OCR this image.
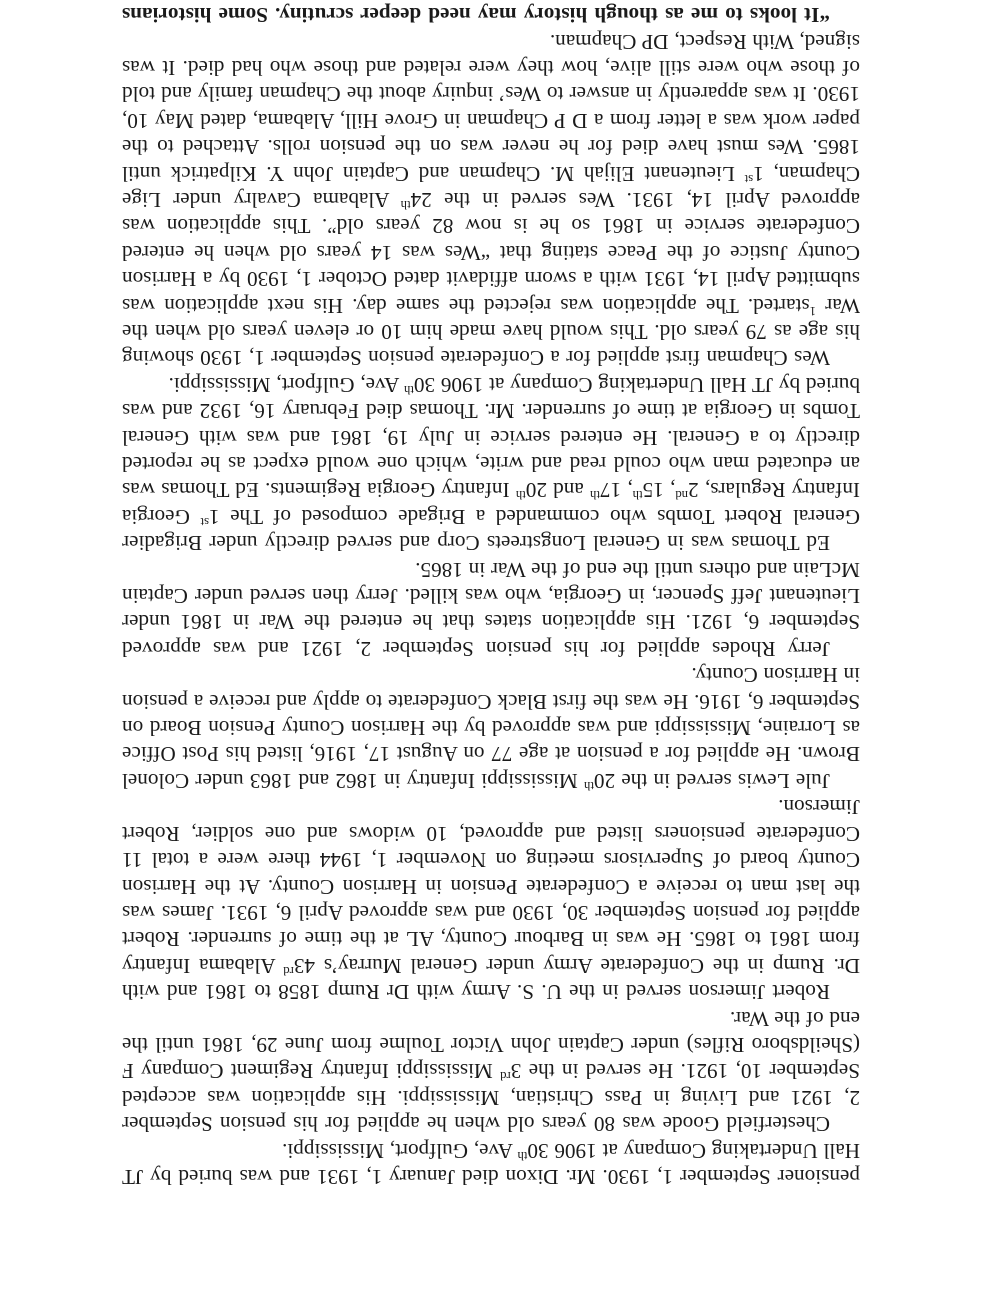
pensioner September 1, 1930. Mr. Dixon died January 1, 1931 and was buried by JT Hall Undertaking Company at 1906 30th Ave, Gulfport, Mississippi.

Chesterfield Goode was 80 years old when he applied for his pension September 2, 1921 and Living in Pass Christian, Mississippi. His application was accepted September 10, 1921. He served in the 3rd Mississippi Infantry Regiment Company F (Sheildsboro Rifles) under Captain John Victor Toulme from June 29, 1861 until the end of the War.

Robert Jimerson served in the U. S. Army with Dr Rump 1858 to 1861 and with Dr. Rump in the Confederate Army under General Murray’s 43rd Alabama Infantry from 1861 to 1865. He was in Barbour County, AL at the time of surrender. Robert applied for pension September 30, 1930 and was approved April 6, 1931. James was the last man to receive a Confederate Pension in Harrison County. At the Harrison County board of Supervisors meeting on November 1, 1944 there were a total 11 Confederate pensioners listed and approved, 10 widows and one soldier, Robert Jimerson.

Jule Lewis served in the 20th Mississippi Infantry in 1862 and 1863 under Colonel Brown. He applied for a pension at age 77 on August 17, 1916, listed his Post Office as Lorraine, Mississippi and was approved by the Harrison County Pension Board on September 6, 1916. He was the first Black Confederate to apply and receive a pension in Harrison County.

Jerry Rhodes applied for his pension September 2, 1921 and was approved September 6, 1921. His application states that he entered the War in 1861 under Lieutenant Jeff Spencer, in Georgia, who was killed. Jerry then served under Captain McLain and others until the end of the War in 1865.

Ed Thomas was in General Longstreets Corp and served directly under Brigadier General Robert Tombs who commanded a Brigade composed of The 1st Georgia Infantry Regulars, 2nd, 15th, 17th and 20th Infantry Georgia Regiments. Ed Thomas was an educated man who could read and write, which one would expect as he reported directly to a General. He entered service in July 19, 1861 and was with General Tombs in Georgia at time of surrender. Mr. Thomas died February 16, 1932 and was buried by JT Hall Undertaking Company at 1906 30th Ave, Gulfport, Mississippi.

Wes Chapman first applied for a Confederate pension September 1, 1930 showing his age as 79 years old. This would have made him 10 or eleven years old when the War $^1$started. The application was rejected the same day. His next application was submitted April 14, 1931 with a sworn affidavit dated October 1, 1930 by a Harrison County Justice of the Peace stating that “Wes was 14 years old when he entered Confederate service in 1861 so he is now 82 years old”. This application was approved April 14, 1931. Wes served in the 24th Alabama Cavalry under Lige Chapman, 1st Lieutenant Elijah M. Chapman and Captain John Y. Kilpatrick until 1865. Wes must have died for he never was on the pension rolls. Attached to the paper work was a letter from a D P Chapman in Grove Hill, Alabama, dated May 10, 1930. It was apparently in answer to Wes’ inquiry about the Chapman family and told of those who were still alive, how they were related and those who had died. It was signed, With Respect, DP Chapman.

“It looks to me as though history may need deeper scrutiny. Some historians
